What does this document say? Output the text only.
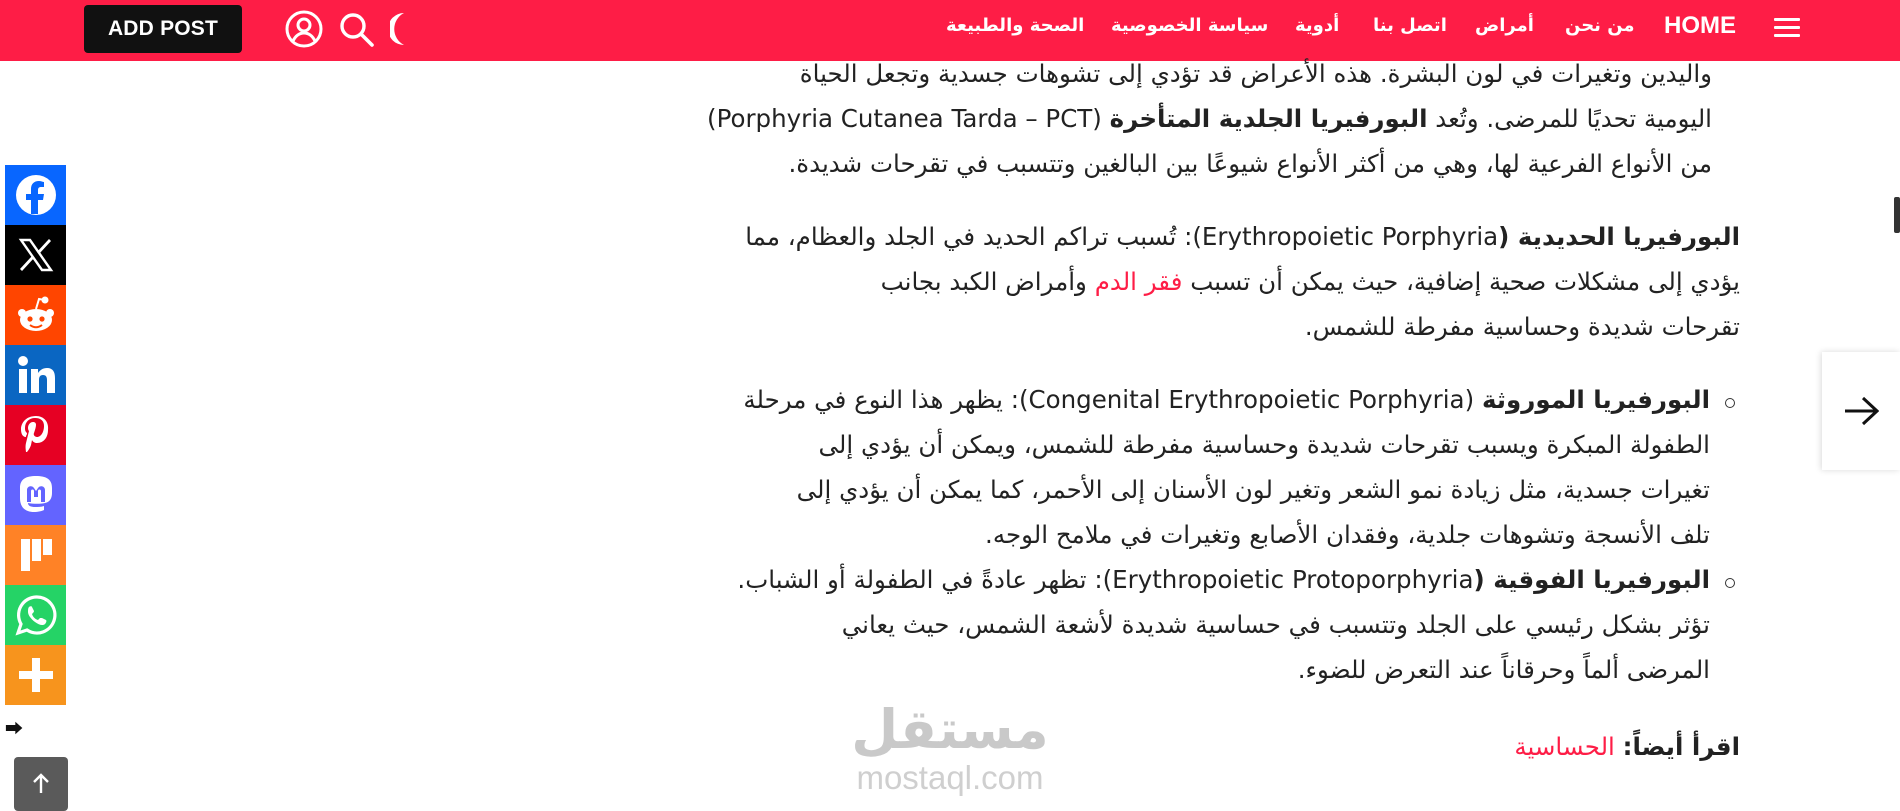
ADD POST	الصحة والطبيعة سياسة الخصوصية أدوية اتصل بنا أمراض من نحن HOME
واليدين وتغيرات في لون البشرة. هذه الأعراض قد تؤدي إلى تشوهات جسدية وتجعل الحياة
اليومية تحديًا للمرضى. وتُعد البورفيريا الجلدية المتأخرة (Porphyria Cutanea Tarda – PCT)
من الأنواع الفرعية لها، وهي من أكثر الأنواع شيوعًا بين البالغين وتتسبب في تقرحات شديدة.
البورفيريا الحديدية (Erythropoietic Porphyria): تُسبب تراكم الحديد في الجلد والعظام، مما
يؤدي إلى مشكلات صحية إضافية، حيث يمكن أن تسبب فقر الدم وأمراض الكبد بجانب
تقرحات شديدة وحساسية مفرطة للشمس.
البورفيريا الموروثة (Congenital Erythropoietic Porphyria): يظهر هذا النوع في مرحلة
الطفولة المبكرة ويسبب تقرحات شديدة وحساسية مفرطة للشمس، ويمكن أن يؤدي إلى
تغيرات جسدية، مثل زيادة نمو الشعر وتغير لون الأسنان إلى الأحمر، كما يمكن أن يؤدي إلى
تلف الأنسجة وتشوهات جلدية، وفقدان الأصابع وتغيرات في ملامح الوجه.
البورفيريا الفوقية (Erythropoietic Protoporphyria): تظهر عادةً في الطفولة أو الشباب.
تؤثر بشكل رئيسي على الجلد وتتسبب في حساسية شديدة لأشعة الشمس، حيث يعاني
المرضى ألماً وحرقاناً عند التعرض للضوء.
اقرأ أيضاً: الحساسية
مستقل
mostaql.com
⮕
